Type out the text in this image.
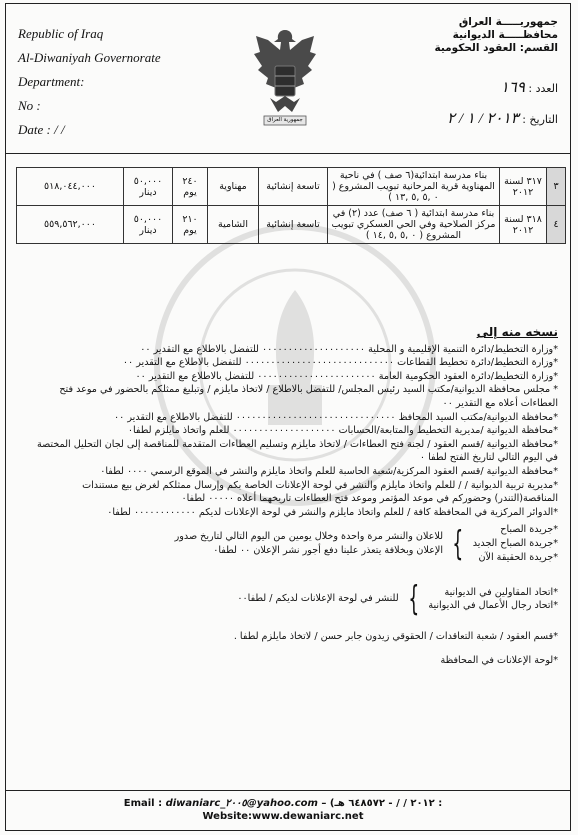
Republic of Iraq
Al-Diwaniyah Governorate
Department:
No :
Date : / /
جمهورية العراق
جمهوريـــــة العراق
محافظـــــة الديوانية
القسم: العقود الحكومية
العدد : ١٦٩
التاريخ : ٢٠١٣ / ١ / ٢
٣	٣١٧ لسنة ٢٠١٢	بناء مدرسة ابتدائية(٦ صف ) في ناحية المهناوية قرية المرحانية تبويب المشروع ( ٠ ,٥ ,٥ ,١٣ )	تاسعة إنشائية	مهناوية	٢٤٠ يوم	٥٠,٠٠٠ دينار	٥١٨,٠٤٤,٠٠٠
٤	٣١٨ لسنة ٢٠١٢	بناء مدرسة ابتدائية ( ٦ صف) عدد (٢) في مركز الصلاحية وفي الحي العسكري تبويب المشروع ( ٠ ,٥ ,٥ ,١٤ )	تاسعة إنشائية	الشامية	٢١٠ يوم	٥٠,٠٠٠ دينار	٥٥٩,٥٦٢,٠٠٠
نسخه منه إلى

*وزارة التخطيط/دائرة التنمية الإقليمية و المحلية ٠٠٠٠٠٠٠٠٠٠٠٠٠٠٠٠٠٠٠٠ للتفضل بالاطلاع مع التقدير ٠٠

*وزارة التخطيط/دائرة تخطيط القطاعات ٠٠٠٠٠٠٠٠٠٠٠٠٠٠٠٠٠٠٠٠٠٠٠٠٠٠٠٠٠ للتفضل بالاطلاع مع التقدير ٠٠

*وزارة التخطيط/دائرة العقود الحكومية العامة ٠٠٠٠٠٠٠٠٠٠٠٠٠٠٠٠٠٠٠٠٠٠٠ للتفضل بالاطلاع مع التقدير ٠٠

* مجلس محافظة الديوانية/مكتب السيد رئيس المجلس/ للتفضل بالاطلاع / لاتخاذ مايلزم / وتبليغ ممثلكم بالحضور في موعد فتح العطاءات أعلاه مع التقدير ٠٠

*محافظة الديوانية/مكتب السيد المحافظ ٠٠٠٠٠٠٠٠٠٠٠٠٠٠٠٠٠٠٠٠٠٠٠٠٠٠٠٠٠٠٠ للتفضل بالاطلاع مع التقدير ٠٠

*محافظة الديوانية /مديرية التخطيط والمتابعة/الحسابات ٠٠٠٠٠٠٠٠٠٠٠٠٠٠٠٠٠٠٠٠ للعلم واتخاذ مايلزم لطفا٠

*محافظة الديوانية /قسم العقود / لجنة فتح العطاءات / لاتخاذ مايلزم وتسليم العطاءات المتقدمة للمناقصة إلى لجان التحليل المختصة في اليوم التالي لتاريخ الفتح لطفا ٠

*محافظة الديوانية /قسم العقود المركزية/شعبة الحاسبة للعلم واتخاذ مايلزم والنشر في الموقع الرسمي ٠٠٠٠ لطفا٠

*مديرية تربية الديوانية / / للعلم واتخاذ مايلزم والنشر في لوحة الإعلانات الخاصة بكم وإرسال ممثلكم لغرض بيع مستندات المناقصة(التندر) وحضوركم في موعد المؤتمر وموعد فتح العطاءات تاريخهما أعلاه ٠٠٠٠٠ لطفا٠

*الدوائر المركزية في المحافظة كافة / للعلم واتخاذ مايلزم والنشر في لوحة الإعلانات لديكم ٠٠٠٠٠٠٠٠٠٠٠٠ لطفا٠

*جريدة الصباح

*جريدة الصباح الجديد

*جريدة الحقيقة الآن

}
للاعلان والنشر مرة واحدة وخلال يومين من اليوم التالي لتاريخ صدور الإعلان وبخلافة يتعذر علينا دفع أجور نشر الإعلان ٠٠ لطفا٠

*اتحاد المقاولين في الديوانية

*اتحاد رجال الأعمال في الديوانية

}
للنشر في لوحة الإعلانات لديكم / لطفا٠٠

*قسم العقود / شعبة التعاقدات / الحقوقي زيدون جابر حسن / لاتخاذ مايلزم لطفا .

*لوحة الإعلانات في المحافظة

Email : diwaniarc_٢٠٠٥@yahoo.com – (٢٠١٢ / / - ٦٤٨٥٧٢ هـ :
Website:www.dewaniarc.net
